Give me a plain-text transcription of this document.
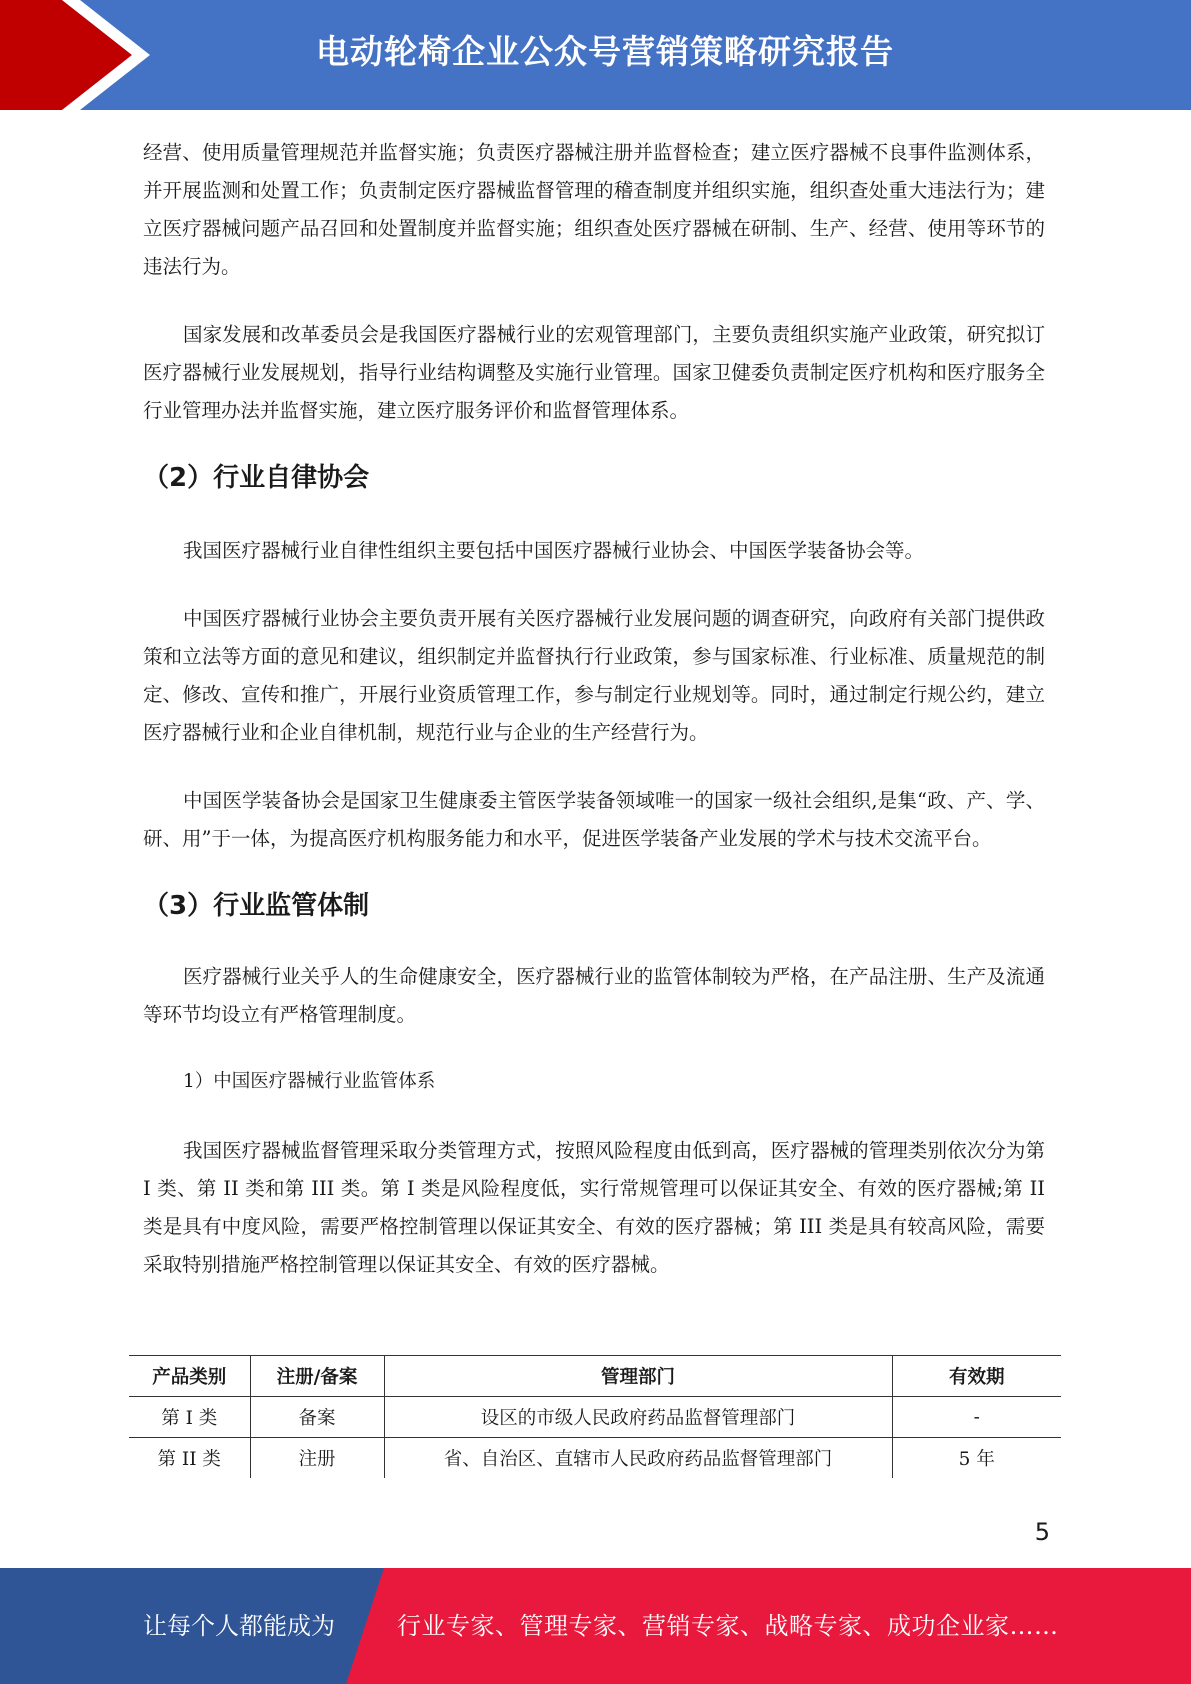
电动轮椅企业公众号营销策略研究报告

经营、使用质量管理规范并监督实施；负责医疗器械注册并监督检查；建立医疗器械不良事件监测体系，并开展监测和处置工作；负责制定医疗器械监督管理的稽查制度并组织实施，组织查处重大违法行为；建立医疗器械问题产品召回和处置制度并监督实施；组织查处医疗器械在研制、生产、经营、使用等环节的违法行为。

国家发展和改革委员会是我国医疗器械行业的宏观管理部门，主要负责组织实施产业政策，研究拟订医疗器械行业发展规划，指导行业结构调整及实施行业管理。国家卫健委负责制定医疗机构和医疗服务全行业管理办法并监督实施，建立医疗服务评价和监督管理体系。

（2）行业自律协会

我国医疗器械行业自律性组织主要包括中国医疗器械行业协会、中国医学装备协会等。

中国医疗器械行业协会主要负责开展有关医疗器械行业发展问题的调查研究，向政府有关部门提供政策和立法等方面的意见和建议，组织制定并监督执行行业政策，参与国家标准、行业标准、质量规范的制定、修改、宣传和推广，开展行业资质管理工作，参与制定行业规划等。同时，通过制定行规公约，建立医疗器械行业和企业自律机制，规范行业与企业的生产经营行为。

中国医学装备协会是国家卫生健康委主管医学装备领域唯一的国家一级社会组织,是集“政、产、学、研、用”于一体，为提高医疗机构服务能力和水平，促进医学装备产业发展的学术与技术交流平台。

（3）行业监管体制

医疗器械行业关乎人的生命健康安全，医疗器械行业的监管体制较为严格，在产品注册、生产及流通等环节均设立有严格管理制度。

1）中国医疗器械行业监管体系

我国医疗器械监督管理采取分类管理方式，按照风险程度由低到高，医疗器械的管理类别依次分为第 I 类、第 II 类和第 III 类。第 I 类是风险程度低，实行常规管理可以保证其安全、有效的医疗器械;第 II 类是具有中度风险，需要严格控制管理以保证其安全、有效的医疗器械；第 III 类是具有较高风险，需要采取特别措施严格控制管理以保证其安全、有效的医疗器械。

产品类别	注册/备案	管理部门	有效期
第 I 类	备案	设区的市级人民政府药品监督管理部门	-
第 II 类	注册	省、自治区、直辖市人民政府药品监督管理部门	5 年
5
让每个人都能成为	行业专家、管理专家、营销专家、战略专家、成功企业家……
